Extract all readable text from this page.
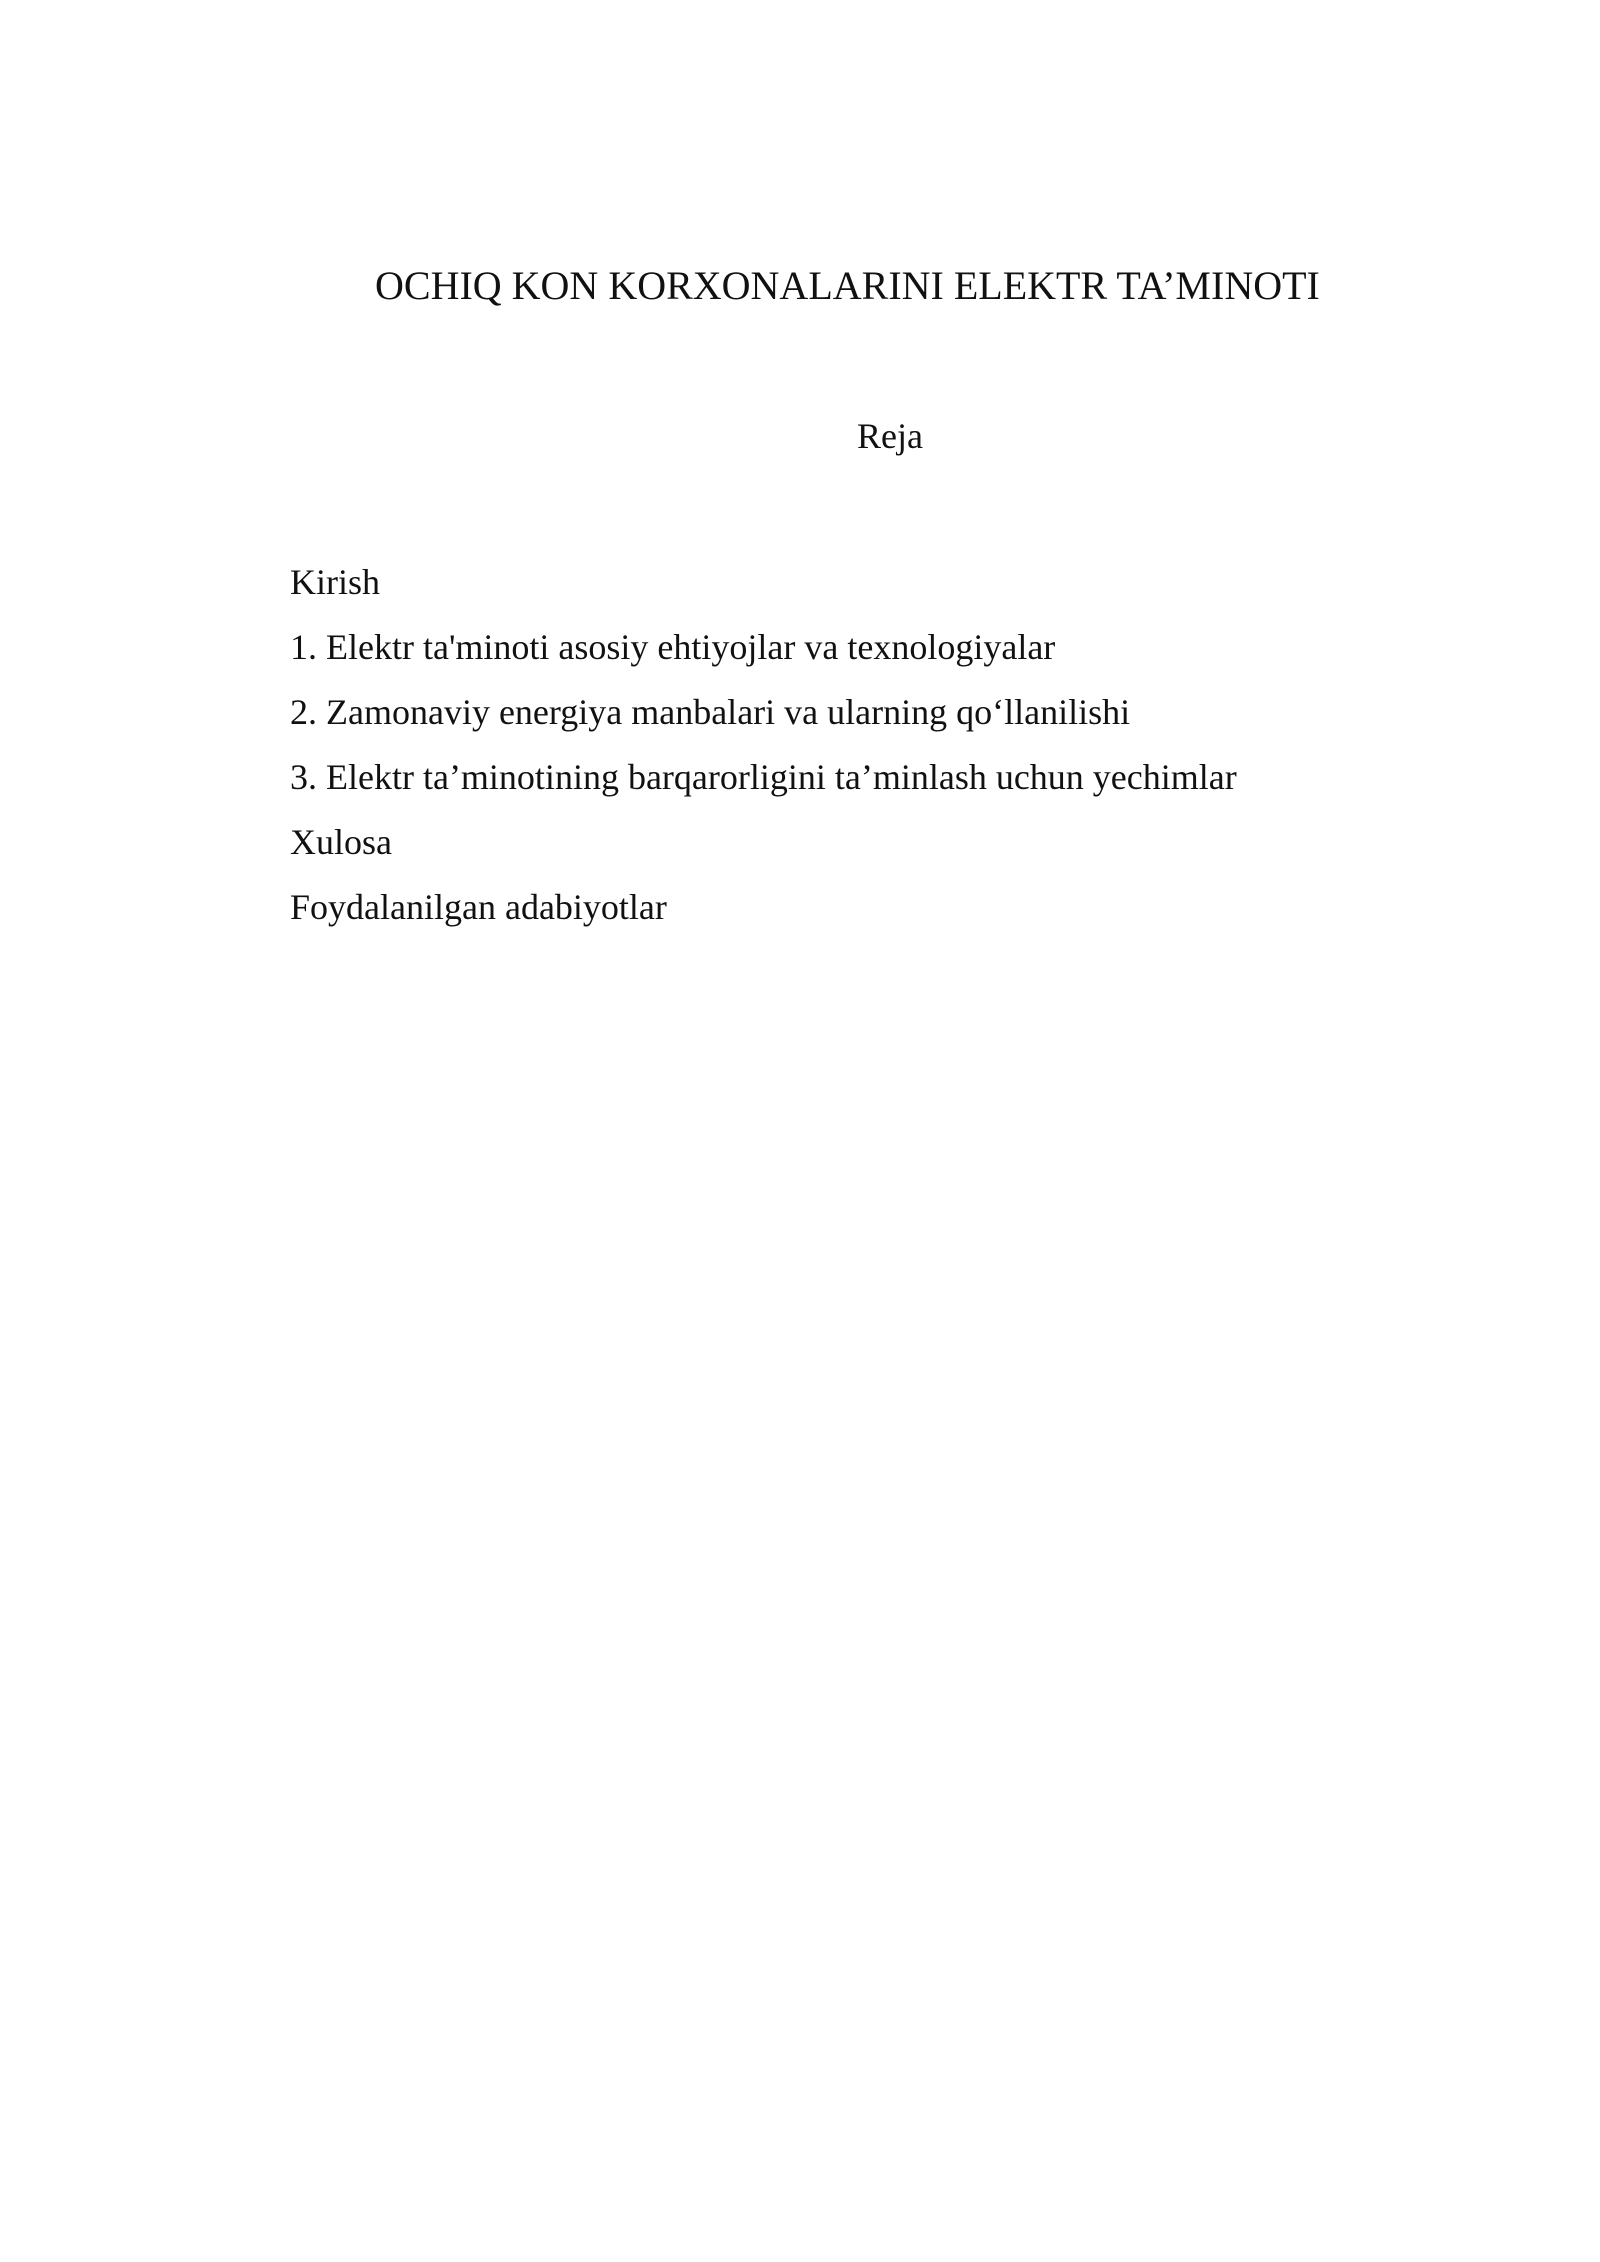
OCHIQ KON KORXONALARINI ELEKTR TA’MINOTI
Reja
Kirish
1. Elektr ta'minoti asosiy ehtiyojlar va texnologiyalar
2. Zamonaviy energiya manbalari va ularning qo‘llanilishi
3. Elektr ta’minotining barqarorligini ta’minlash uchun yechimlar
Xulosa
Foydalanilgan adabiyotlar
